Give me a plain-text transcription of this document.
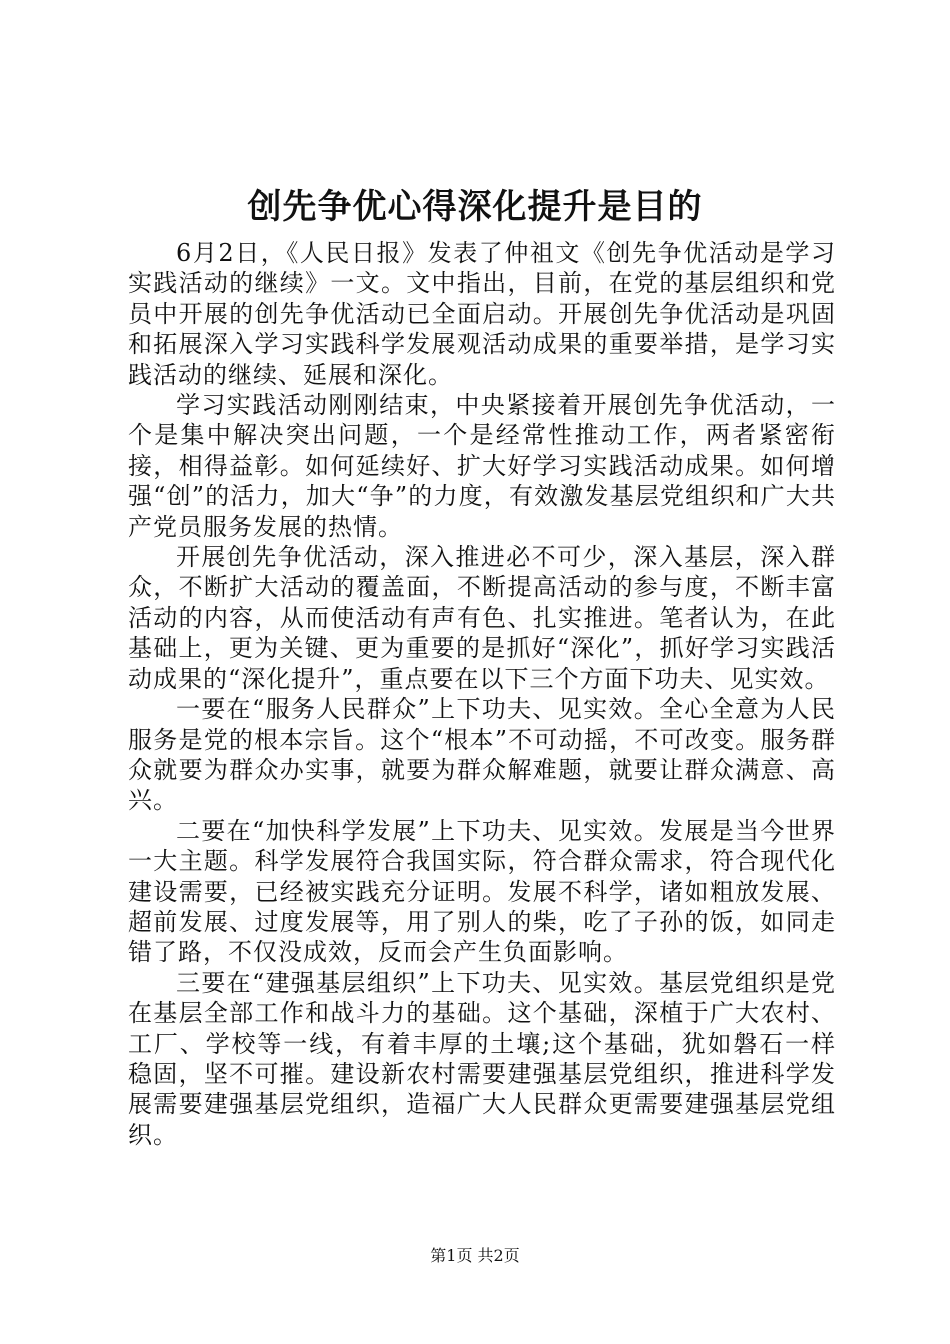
创先争优心得深化提升是目的

6月2日，《人民日报》发表了仲祖文《创先争优活动是学习实践活动的继续》一文。文中指出，目前，在党的基层组织和党员中开展的创先争优活动已全面启动。开展创先争优活动是巩固和拓展深入学习实践科学发展观活动成果的重要举措，是学习实践活动的继续、延展和深化。

学习实践活动刚刚结束，中央紧接着开展创先争优活动，一个是集中解决突出问题，一个是经常性推动工作，两者紧密衔接，相得益彰。如何延续好、扩大好学习实践活动成果。如何增强“创”的活力，加大“争”的力度，有效激发基层党组织和广大共产党员服务发展的热情。

开展创先争优活动，深入推进必不可少，深入基层，深入群众，不断扩大活动的覆盖面，不断提高活动的参与度，不断丰富活动的内容，从而使活动有声有色、扎实推进。笔者认为，在此基础上，更为关键、更为重要的是抓好“深化”，抓好学习实践活动成果的“深化提升”，重点要在以下三个方面下功夫、见实效。

一要在“服务人民群众”上下功夫、见实效。全心全意为人民服务是党的根本宗旨。这个“根本”不可动摇，不可改变。服务群众就要为群众办实事，就要为群众解难题，就要让群众满意、高兴。

二要在“加快科学发展”上下功夫、见实效。发展是当今世界一大主题。科学发展符合我国实际，符合群众需求，符合现代化建设需要，已经被实践充分证明。发展不科学，诸如粗放发展、超前发展、过度发展等，用了别人的柴，吃了子孙的饭，如同走错了路，不仅没成效，反而会产生负面影响。

三要在“建强基层组织”上下功夫、见实效。基层党组织是党在基层全部工作和战斗力的基础。这个基础，深植于广大农村、工厂、学校等一线，有着丰厚的土壤;这个基础，犹如磐石一样稳固，坚不可摧。建设新农村需要建强基层党组织，推进科学发展需要建强基层党组织，造福广大人民群众更需要建强基层党组织。

第1页 共2页
